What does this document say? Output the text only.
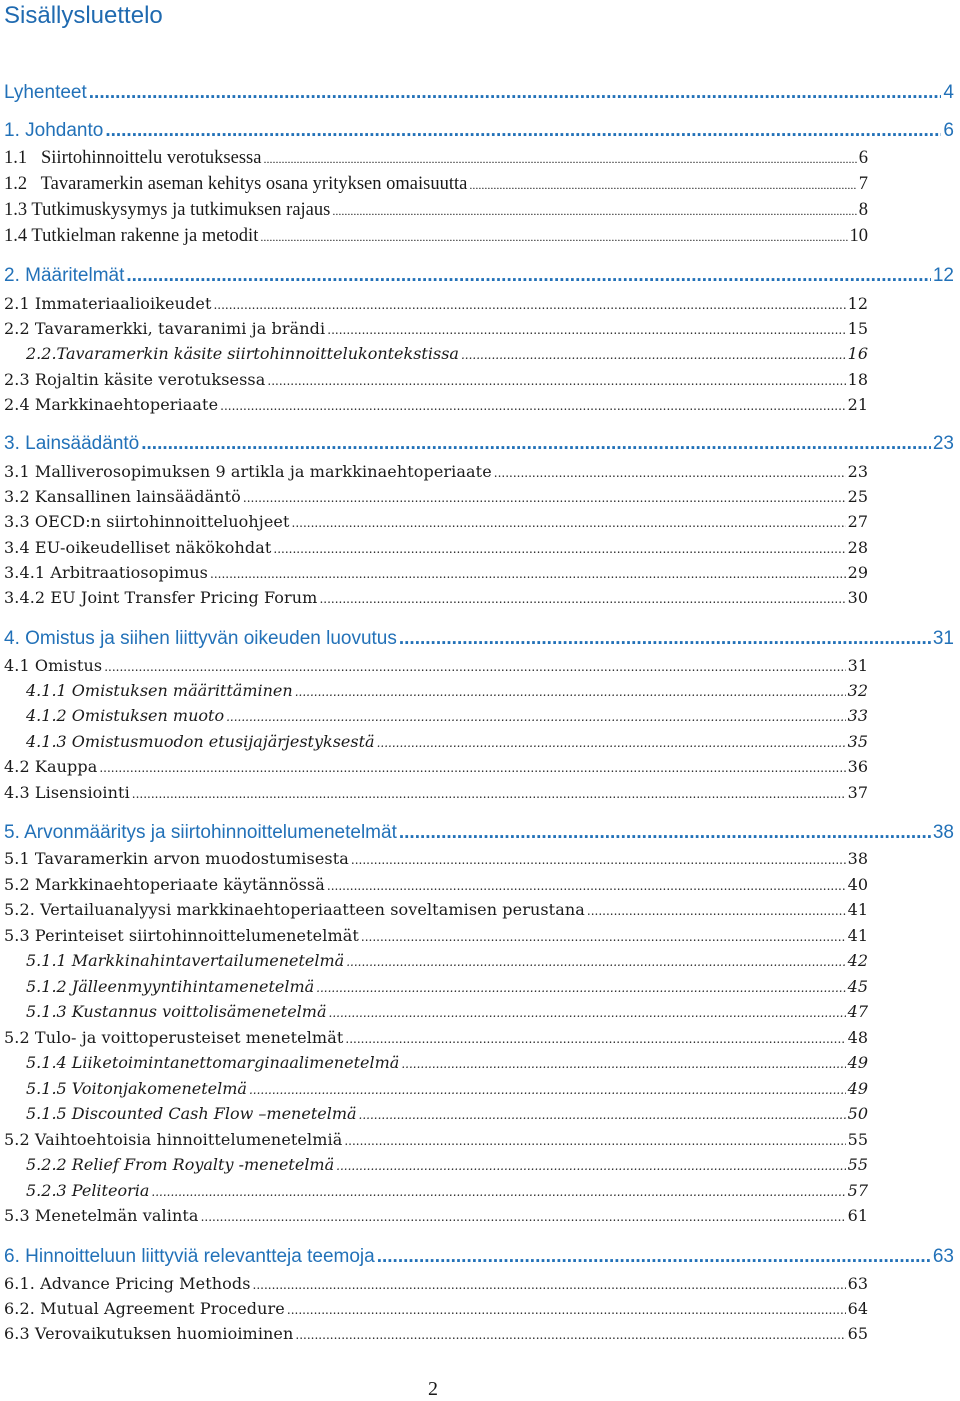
Sisällysluettelo
Lyhenteet .....	4
1. Johdanto .....	6
1.1   Siirtohinnoittelu verotuksessa .....	6
1.2   Tavaramerkin aseman kehitys osana yrityksen omaisuutta .....	7
1.3 Tutkimuskysymys ja tutkimuksen rajaus .....	8
1.4 Tutkielman rakenne ja metodit .....	10
2. Määritelmät .....	12
2.1 Immateriaalioikeudet .....	12
2.2 Tavaramerkki, tavaranimi ja brändi .....	15
2.2.Tavaramerkin käsite siirtohinnoittelukontekstissa .....	16
2.3 Rojaltin käsite verotuksessa .....	18
2.4 Markkinaehtoperiaate .....	21
3. Lainsäädäntö .....	23
3.1 Malliverosopimuksen 9 artikla ja markkinaehtoperiaate .....	23
3.2 Kansallinen lainsäädäntö .....	25
3.3 OECD:n siirtohinnoitteluohjeet .....	27
3.4 EU-oikeudelliset näkökohdat .....	28
3.4.1 Arbitraatiosopimus .....	29
3.4.2 EU Joint Transfer Pricing Forum .....	30
4. Omistus ja siihen liittyvän oikeuden luovutus .....	31
4.1 Omistus .....	31
4.1.1 Omistuksen määrittäminen .....	32
4.1.2 Omistuksen muoto .....	33
4.1.3 Omistusmuodon etusijajärjestyksestä .....	35
4.2 Kauppa .....	36
4.3 Lisensiointi .....	37
5. Arvonmääritys ja siirtohinnoittelumenetelmät .....	38
5.1 Tavaramerkin arvon muodostumisesta .....	38
5.2 Markkinaehtoperiaate käytännössä .....	40
5.2. Vertailuanalyysi markkinaehtoperiaatteen soveltamisen perustana .....	41
5.3 Perinteiset siirtohinnoittelumenetelmät .....	41
5.1.1 Markkinahintavertailumenetelmä .....	42
5.1.2 Jälleenmyyntihintamenetelmä .....	45
5.1.3 Kustannus voittolisämenetelmä .....	47
5.2 Tulo- ja voittoperusteiset menetelmät .....	48
5.1.4 Liiketoimintanettomarginaalimenetelmä .....	49
5.1.5 Voitonjakomenetelmä .....	49
5.1.5 Discounted Cash Flow –menetelmä .....	50
5.2 Vaihtoehtoisia hinnoittelumenetelmiä .....	55
5.2.2 Relief From Royalty -menetelmä .....	55
5.2.3 Peliteoria .....	57
5.3 Menetelmän valinta .....	61
6. Hinnoitteluun liittyviä relevantteja teemoja .....	63
6.1. Advance Pricing Methods .....	63
6.2. Mutual Agreement Procedure .....	64
6.3 Verovaikutuksen huomioiminen .....	65
2
